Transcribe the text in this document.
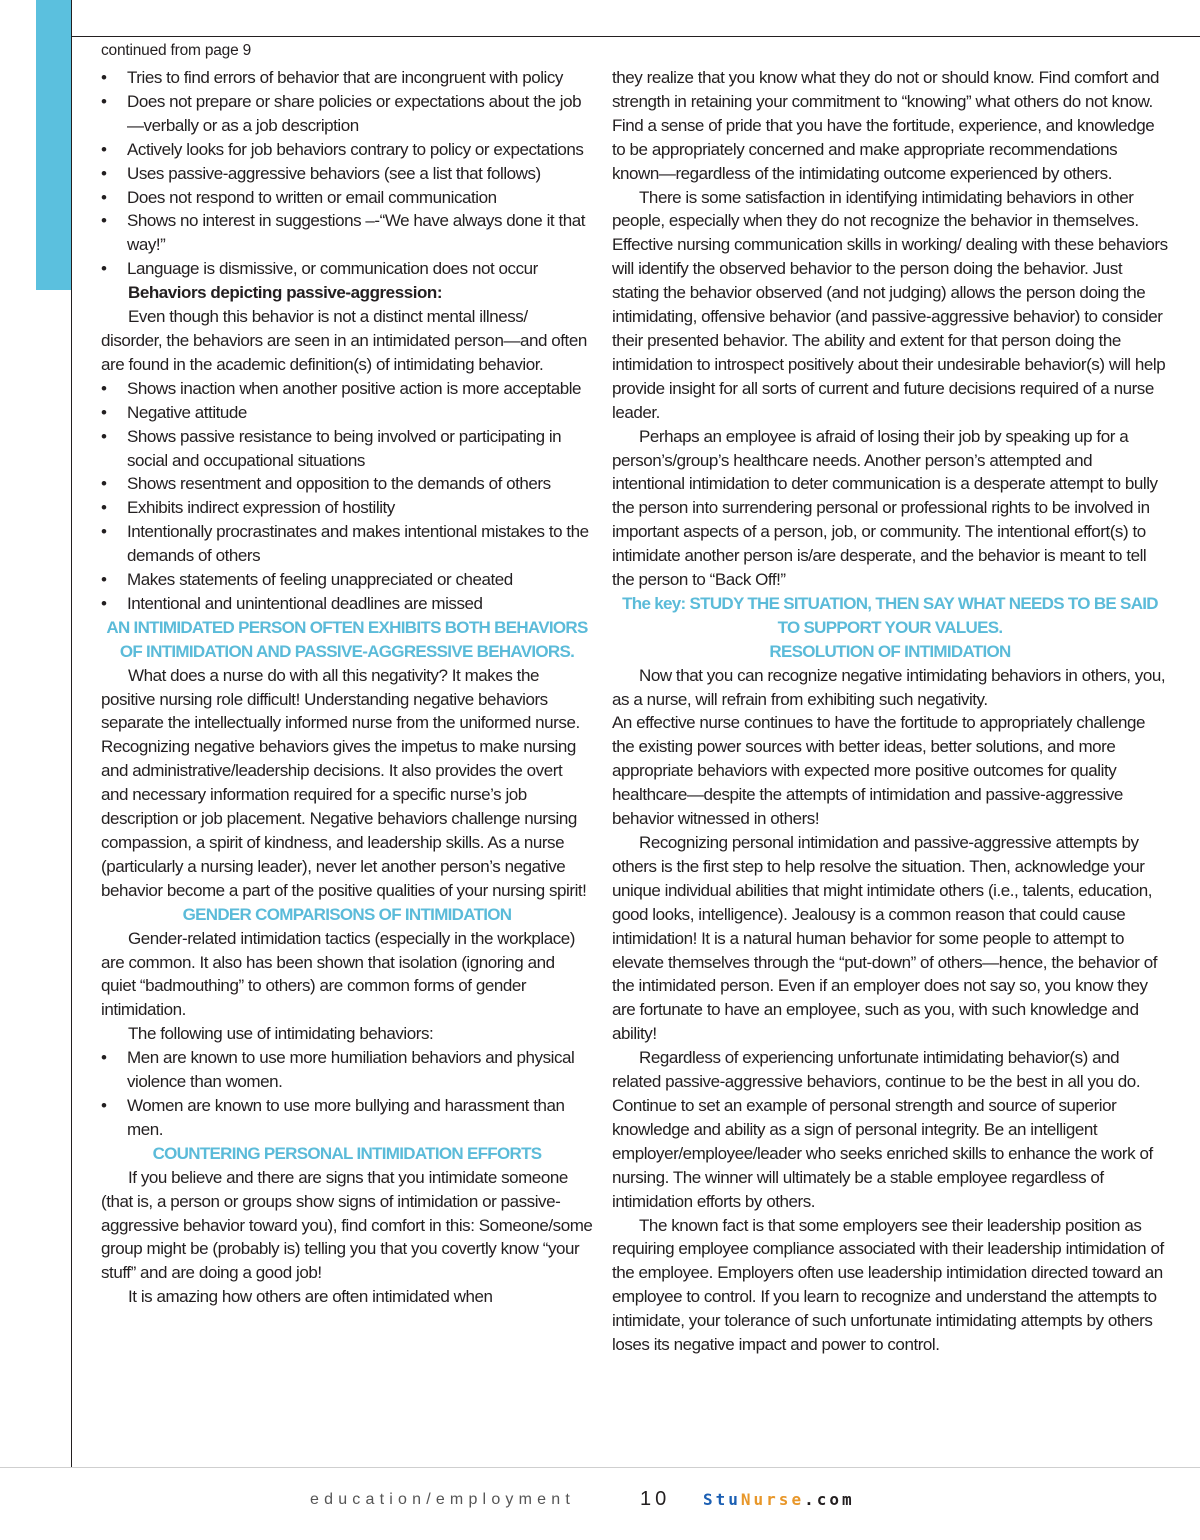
continued from page 9
• Tries to find errors of behavior that are incongruent with policy
• Does not prepare or share policies or expectations about the job—verbally or as a job description
• Actively looks for job behaviors contrary to policy or expectations
• Uses passive-aggressive behaviors (see a list that follows)
• Does not respond to written or email communication
• Shows no interest in suggestions –-“We have always done it that way!”
• Language is dismissive, or communication does not occur
Behaviors depicting passive-aggression:

Even though this behavior is not a distinct mental illness/ disorder, the behaviors are seen in an intimidated person—and often are found in the academic definition(s) of intimidating behavior.

• Shows inaction when another positive action is more acceptable
• Negative attitude
• Shows passive resistance to being involved or participating in social and occupational situations
• Shows resentment and opposition to the demands of others
• Exhibits indirect expression of hostility
• Intentionally procrastinates and makes intentional mistakes to the demands of others
• Makes statements of feeling unappreciated or cheated
• Intentional and unintentional deadlines are missed
AN INTIMIDATED PERSON OFTEN EXHIBITS BOTH BEHAVIORS OF INTIMIDATION AND PASSIVE-AGGRESSIVE BEHAVIORS.

What does a nurse do with all this negativity? It makes the positive nursing role difficult! Understanding negative behaviors separate the intellectually informed nurse from the uniformed nurse. Recognizing negative behaviors gives the impetus to make nursing and administrative/leadership decisions. It also provides the overt and necessary information required for a specific nurse’s job description or job placement. Negative behaviors challenge nursing compassion, a spirit of kindness, and leadership skills. As a nurse (particularly a nursing leader), never let another person’s negative behavior become a part of the positive qualities of your nursing spirit!

GENDER COMPARISONS OF INTIMIDATION

Gender-related intimidation tactics (especially in the workplace) are common. It also has been shown that isolation (ignoring and quiet “badmouthing” to others) are common forms of gender intimidation.

The following use of intimidating behaviors:

• Men are known to use more humiliation behaviors and physical violence than women.
• Women are known to use more bullying and harassment than men.
COUNTERING PERSONAL INTIMIDATION EFFORTS

If you believe and there are signs that you intimidate someone (that is, a person or groups show signs of intimidation or passive-aggressive behavior toward you), find comfort in this: Someone/some group might be (probably is) telling you that you covertly know “your stuff” and are doing a good job!

It is amazing how others are often intimidated when

they realize that you know what they do not or should know. Find comfort and strength in retaining your commitment to “knowing” what others do not know. Find a sense of pride that you have the fortitude, experience, and knowledge to be appropriately concerned and make appropriate recommendations known—regardless of the intimidating outcome experienced by others.

There is some satisfaction in identifying intimidating behaviors in other people, especially when they do not recognize the behavior in themselves. Effective nursing communication skills in working/ dealing with these behaviors will identify the observed behavior to the person doing the behavior. Just stating the behavior observed (and not judging) allows the person doing the intimidating, offensive behavior (and passive-aggressive behavior) to consider their presented behavior. The ability and extent for that person doing the intimidation to introspect positively about their undesirable behavior(s) will help provide insight for all sorts of current and future decisions required of a nurse leader.

Perhaps an employee is afraid of losing their job by speaking up for a person’s/group’s healthcare needs. Another person’s attempted and intentional intimidation to deter communication is a desperate attempt to bully the person into surrendering personal or professional rights to be involved in important aspects of a person, job, or community. The intentional effort(s) to intimidate another person is/are desperate, and the behavior is meant to tell the person to “Back Off!”

The key: STUDY THE SITUATION, THEN SAY WHAT NEEDS TO BE SAID TO SUPPORT YOUR VALUES.
RESOLUTION OF INTIMIDATION

Now that you can recognize negative intimidating behaviors in others, you, as a nurse, will refrain from exhibiting such negativity.

An effective nurse continues to have the fortitude to appropriately challenge the existing power sources with better ideas, better solutions, and more appropriate behaviors with expected more positive outcomes for quality healthcare—despite the attempts of intimidation and passive-aggressive behavior witnessed in others!

Recognizing personal intimidation and passive-aggressive attempts by others is the first step to help resolve the situation. Then, acknowledge your unique individual abilities that might intimidate others (i.e., talents, education, good looks, intelligence). Jealousy is a common reason that could cause intimidation! It is a natural human behavior for some people to attempt to elevate themselves through the “put-down” of others—hence, the behavior of the intimidated person. Even if an employer does not say so, you know they are fortunate to have an employee, such as you, with such knowledge and ability!

Regardless of experiencing unfortunate intimidating behavior(s) and related passive-aggressive behaviors, continue to be the best in all you do. Continue to set an example of personal strength and source of superior knowledge and ability as a sign of personal integrity. Be an intelligent employer/employee/leader who seeks enriched skills to enhance the work of nursing. The winner will ultimately be a stable employee regardless of intimidation efforts by others.

The known fact is that some employers see their leadership position as requiring employee compliance associated with their leadership intimidation of the employee. Employers often use leadership intimidation directed toward an employee to control. If you learn to recognize and understand the attempts to intimidate, your tolerance of such unfortunate intimidating attempts by others loses its negative impact and power to control.

education/employment	10 StuNurse.com
